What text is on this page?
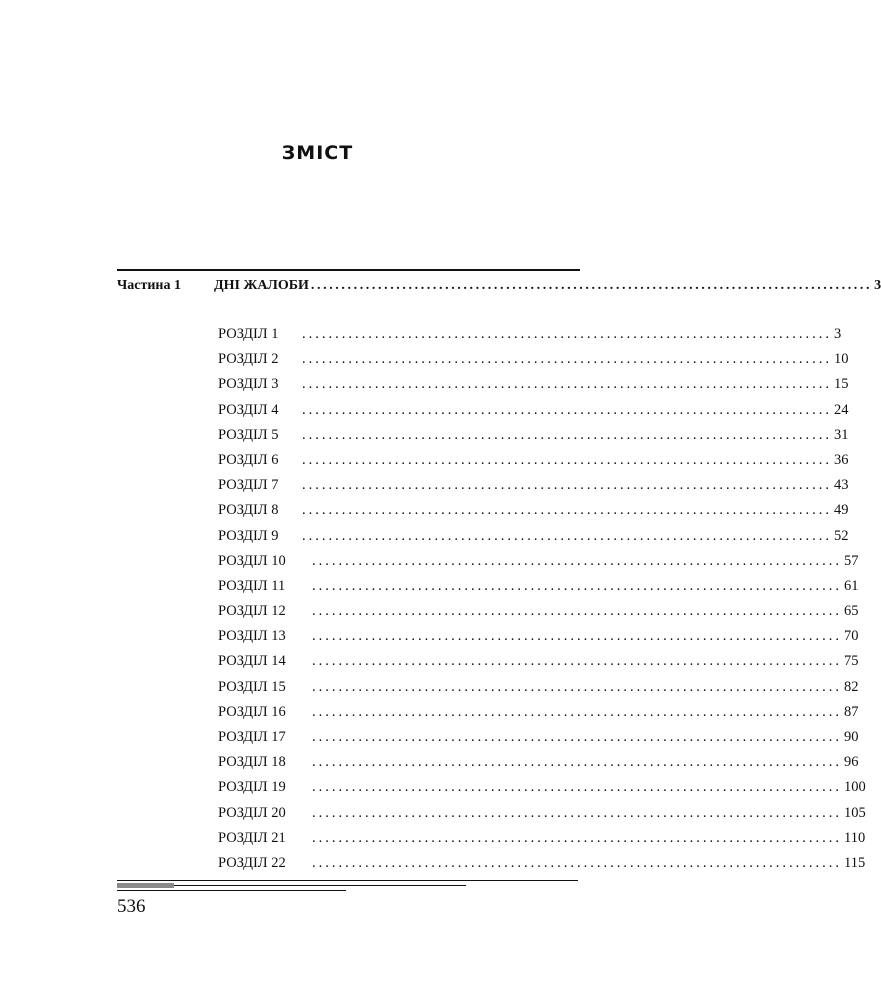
ЗМІСТ
Частина 1	ДНІ ЖАЛОБИ ............................................................................................ 3
РОЗДІЛ 1	................................................................................ 3
РОЗДІЛ 2	................................................................................ 10
РОЗДІЛ 3	................................................................................ 15
РОЗДІЛ 4	................................................................................ 24
РОЗДІЛ 5	................................................................................ 31
РОЗДІЛ 6	................................................................................ 36
РОЗДІЛ 7	................................................................................ 43
РОЗДІЛ 8	................................................................................ 49
РОЗДІЛ 9	................................................................................ 52
РОЗДІЛ 10	................................................................................ 57
РОЗДІЛ 11	................................................................................ 61
РОЗДІЛ 12	................................................................................ 65
РОЗДІЛ 13	................................................................................ 70
РОЗДІЛ 14	................................................................................ 75
РОЗДІЛ 15	................................................................................ 82
РОЗДІЛ 16	................................................................................ 87
РОЗДІЛ 17	................................................................................ 90
РОЗДІЛ 18	................................................................................ 96
РОЗДІЛ 19	................................................................................ 100
РОЗДІЛ 20	................................................................................ 105
РОЗДІЛ 21	................................................................................ 110
РОЗДІЛ 22	................................................................................ 115
536
